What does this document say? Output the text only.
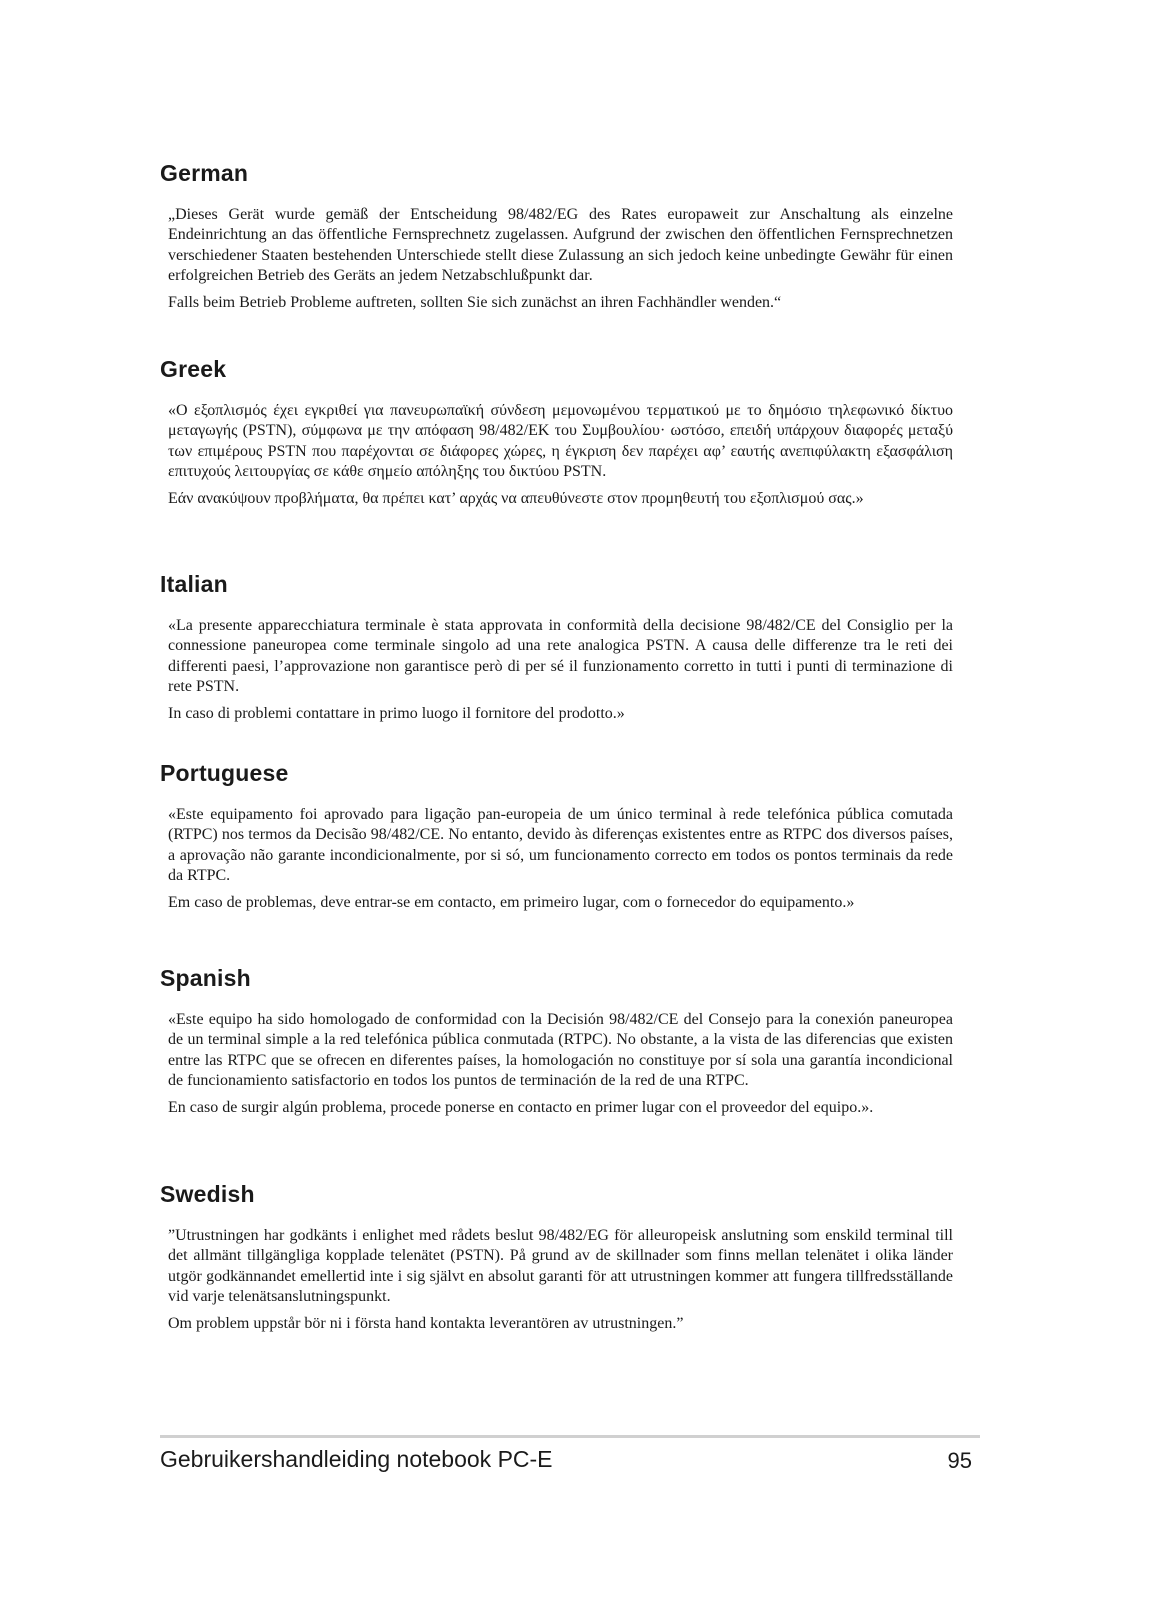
German

„Dieses Gerät wurde gemäß der Entscheidung 98/482/EG des Rates europaweit zur Anschaltung als einzelne Endeinrichtung an das öffentliche Fernsprechnetz zugelassen. Aufgrund der zwischen den öffentlichen Fernsprechnetzen verschiedener Staaten bestehenden Unterschiede stellt diese Zulassung an sich jedoch keine unbedingte Gewähr für einen erfolgreichen Betrieb des Geräts an jedem Netzabschlußpunkt dar.

Falls beim Betrieb Probleme auftreten, sollten Sie sich zunächst an ihren Fachhändler wenden.“

Greek

«Ο εξοπλισμός έχει εγκριθεί για πανευρωπαϊκή σύνδεση μεμονωμένου τερματικού με το δημόσιο τηλεφωνικό δίκτυο μεταγωγής (PSTN), σύμφωνα με την απόφαση 98/482/ΕΚ του Συμβουλίου· ωστόσο, επειδή υπάρχουν διαφορές μεταξύ των επιμέρους PSTN που παρέχονται σε διάφορες χώρες, η έγκριση δεν παρέχει αφ’ εαυτής ανεπιφύλακτη εξασφάλιση επιτυχούς λειτουργίας σε κάθε σημείο απόληξης του δικτύου PSTN.

Εάν ανακύψουν προβλήματα, θα πρέπει κατ’ αρχάς να απευθύνεστε στον προμηθευτή του εξοπλισμού σας.»

Italian

«La presente apparecchiatura terminale è stata approvata in conformità della decisione 98/482/CE del Consiglio per la connessione paneuropea come terminale singolo ad una rete analogica PSTN. A causa delle differenze tra le reti dei differenti paesi, l’approvazione non garantisce però di per sé il funzionamento corretto in tutti i punti di terminazione di rete PSTN.

In caso di problemi contattare in primo luogo il fornitore del prodotto.»

Portuguese

«Este equipamento foi aprovado para ligação pan-europeia de um único terminal à rede telefónica pública comutada (RTPC) nos termos da Decisão 98/482/CE. No entanto, devido às diferenças existentes entre as RTPC dos diversos países, a aprovação não garante incondicionalmente, por si só, um funcionamento correcto em todos os pontos terminais da rede da RTPC.

Em caso de problemas, deve entrar-se em contacto, em primeiro lugar, com o fornecedor do equipamento.»

Spanish

«Este equipo ha sido homologado de conformidad con la Decisión 98/482/CE del Consejo para la conexión paneuropea de un terminal simple a la red telefónica pública conmutada (RTPC). No obstante, a la vista de las diferencias que existen entre las RTPC que se ofrecen en diferentes países, la homologación no constituye por sí sola una garantía incondicional de funcionamiento satisfactorio en todos los puntos de terminación de la red de una RTPC.

En caso de surgir algún problema, procede ponerse en contacto en primer lugar con el proveedor del equipo.».

Swedish

”Utrustningen har godkänts i enlighet med rådets beslut 98/482/EG för alleuropeisk anslutning som enskild terminal till det allmänt tillgängliga kopplade telenätet (PSTN). På grund av de skillnader som finns mellan telenätet i olika länder utgör godkännandet emellertid inte i sig självt en absolut garanti för att utrustningen kommer att fungera tillfredsställande vid varje telenätsanslutningspunkt.

Om problem uppstår bör ni i första hand kontakta leverantören av utrustningen.”

Gebruikershandleiding notebook PC-E	95
